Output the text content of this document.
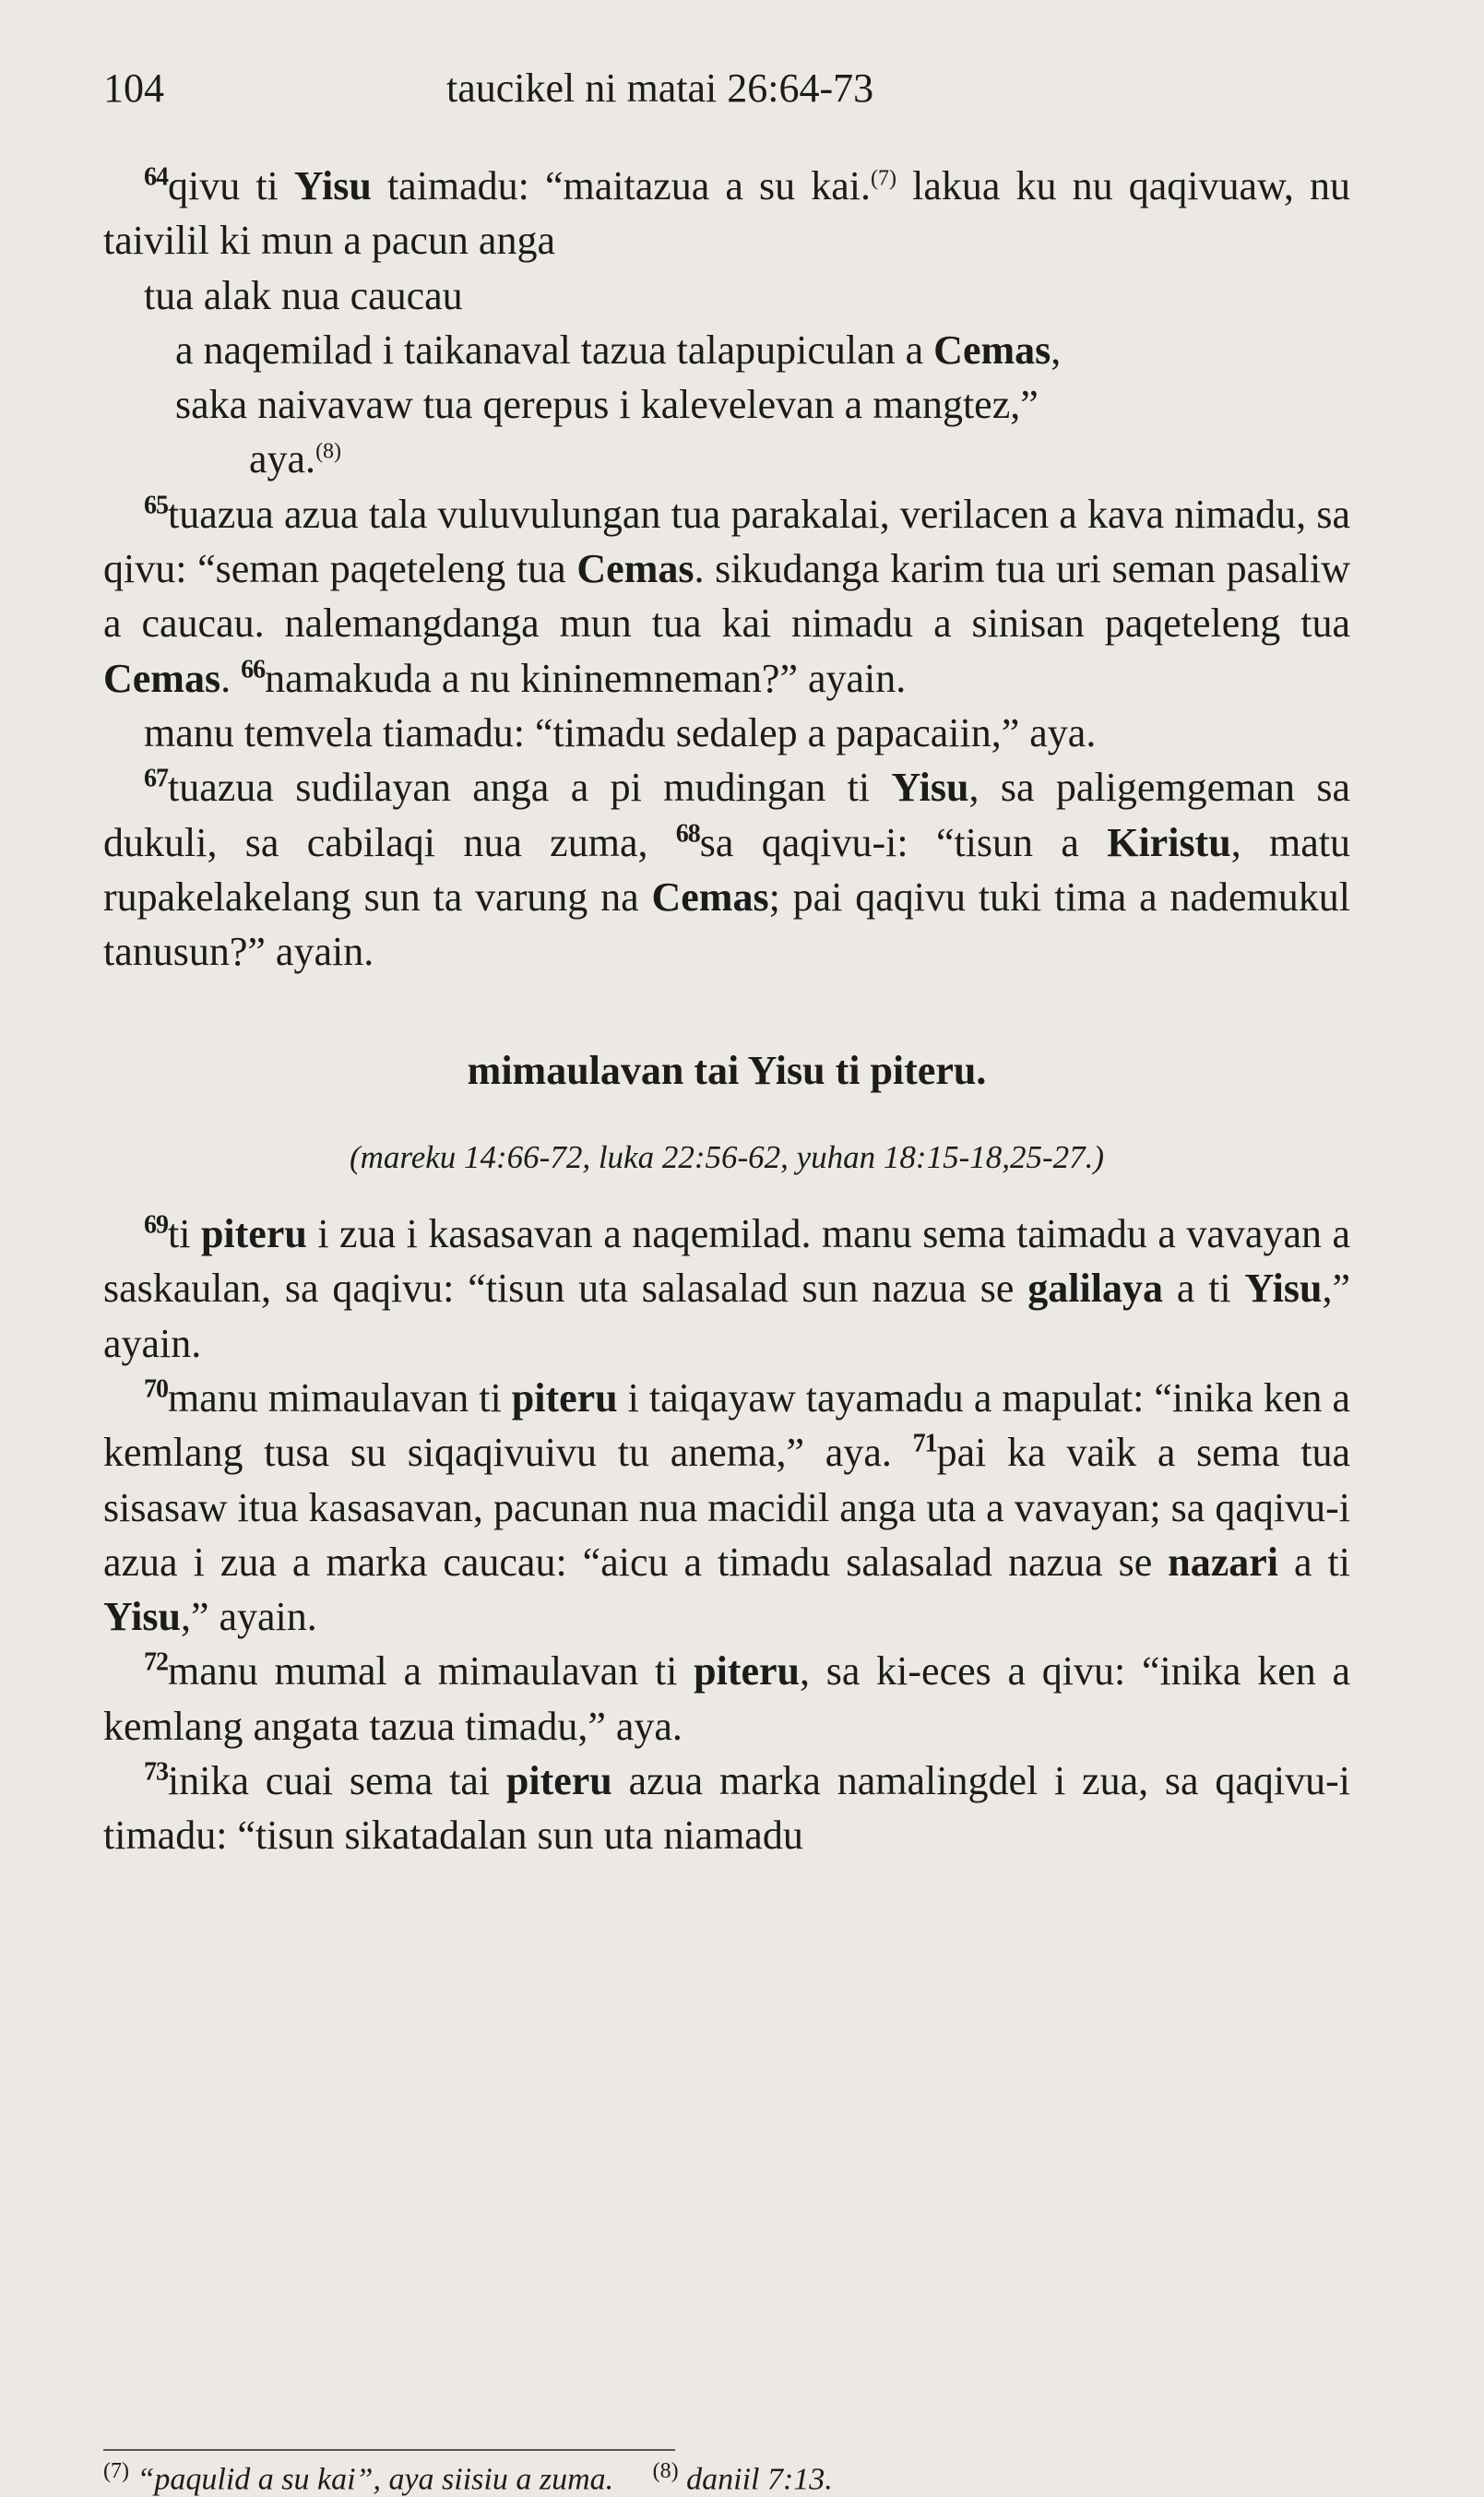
104	taucikel ni matai 26:64-73

$^{64}$qivu ti Yisu taimadu: “maitazua a su kai.$^{(7)}$ lakua ku nu qaqivuaw, nu taivilil ki mun a pacun anga

tua alak nua caucau

a naqemilad i taikanaval tazua talapupiculan a Cemas,

saka naivavaw tua qerepus i kalevelevan a mangtez,”

aya.$^{(8)}$

$^{65}$tuazua azua tala vuluvulungan tua parakalai, verilacen a kava nimadu, sa qivu: “seman paqeteleng tua Cemas. sikudanga karim tua uri seman pasaliw a caucau. nalemangdanga mun tua kai nimadu a sinisan paqeteleng tua Cemas. $^{66}$namakuda a nu kininemneman?” ayain.

manu temvela tiamadu: “timadu sedalep a papacaiin,” aya.

$^{67}$tuazua sudilayan anga a pi mudingan ti Yisu, sa paligemgeman sa dukuli, sa cabilaqi nua zuma, $^{68}$sa qaqivu-i: “tisun a Kiristu, matu rupakelakelang sun ta varung na Cemas; pai qaqivu tuki tima a nademukul tanusun?” ayain.

mimaulavan tai Yisu ti piteru.
(mareku 14:66-72, luka 22:56-62, yuhan 18:15-18,25-27.)

$^{69}$ti piteru i zua i kasasavan a naqemilad. manu sema taimadu a vavayan a saskaulan, sa qaqivu: “tisun uta salasalad sun nazua se galilaya a ti Yisu,” ayain.

$^{70}$manu mimaulavan ti piteru i taiqayaw tayamadu a mapulat: “inika ken a kemlang tusa su siqaqivuivu tu anema,” aya. $^{71}$pai ka vaik a sema tua sisasaw itua kasasavan, pacunan nua macidil anga uta a vavayan; sa qaqivu-i azua i zua a marka caucau: “aicu a timadu salasalad nazua se nazari a ti Yisu,” ayain.

$^{72}$manu mumal a mimaulavan ti piteru, sa ki-eces a qivu: “inika ken a kemlang angata tazua timadu,” aya.

$^{73}$inika cuai sema tai piteru azua marka namalingdel i zua, sa qaqivu-i timadu: “tisun sikatadalan sun uta niamadu

$^{(7)}$ “paqulid a su kai”, aya siisiu a zuma. $^{(8)}$ daniil 7:13.
